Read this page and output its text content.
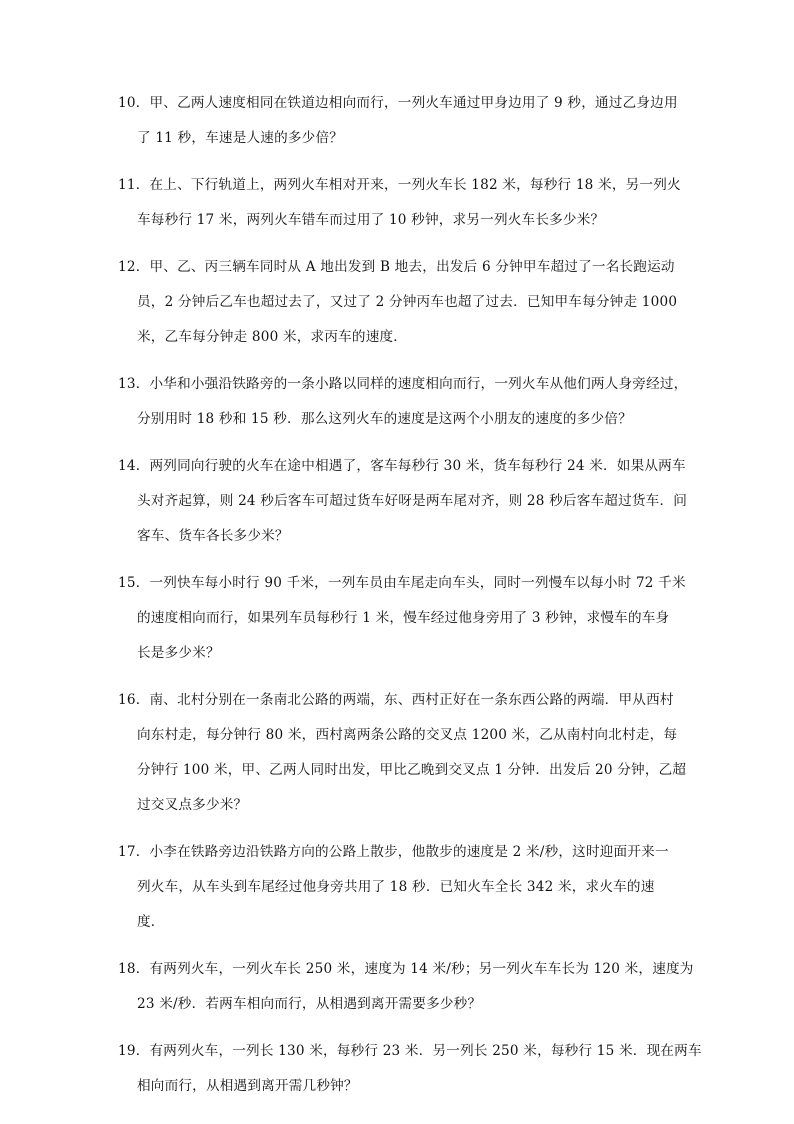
10．甲、乙两人速度相同在铁道边相向而行，一列火车通过甲身边用了 9 秒，通过乙身边用
了 11 秒，车速是人速的多少倍？
11．在上、下行轨道上，两列火车相对开来，一列火车长 182 米，每秒行 18 米，另一列火
车每秒行 17 米，两列火车错车而过用了 10 秒钟，求另一列火车长多少米？
12．甲、乙、丙三辆车同时从 A 地出发到 B 地去，出发后 6 分钟甲车超过了一名长跑运动
员，2 分钟后乙车也超过去了，又过了 2 分钟丙车也超了过去．已知甲车每分钟走 1000
米，乙车每分钟走 800 米，求丙车的速度．
13．小华和小强沿铁路旁的一条小路以同样的速度相向而行，一列火车从他们两人身旁经过，
分别用时 18 秒和 15 秒．那么这列火车的速度是这两个小朋友的速度的多少倍？
14．两列同向行驶的火车在途中相遇了，客车每秒行 30 米，货车每秒行 24 米．如果从两车
头对齐起算，则 24 秒后客车可超过货车好呀是两车尾对齐，则 28 秒后客车超过货车．问
客车、货车各长多少米？
15．一列快车每小时行 90 千米，一列车员由车尾走向车头，同时一列慢车以每小时 72 千米
的速度相向而行，如果列车员每秒行 1 米，慢车经过他身旁用了 3 秒钟，求慢车的车身
长是多少米？
16．南、北村分别在一条南北公路的两端，东、西村正好在一条东西公路的两端．甲从西村
向东村走，每分钟行 80 米，西村离两条公路的交叉点 1200 米，乙从南村向北村走，每
分钟行 100 米，甲、乙两人同时出发，甲比乙晚到交叉点 1 分钟．出发后 20 分钟，乙超
过交叉点多少米？
17．小李在铁路旁边沿铁路方向的公路上散步，他散步的速度是 2 米/秒，这时迎面开来一
列火车，从车头到车尾经过他身旁共用了 18 秒．已知火车全长 342 米，求火车的速
度．
18．有两列火车，一列火车长 250 米，速度为 14 米/秒；另一列火车车长为 120 米，速度为
23 米/秒．若两车相向而行，从相遇到离开需要多少秒？
19．有两列火车，一列长 130 米，每秒行 23 米．另一列长 250 米，每秒行 15 米．现在两车
相向而行，从相遇到离开需几秒钟？
